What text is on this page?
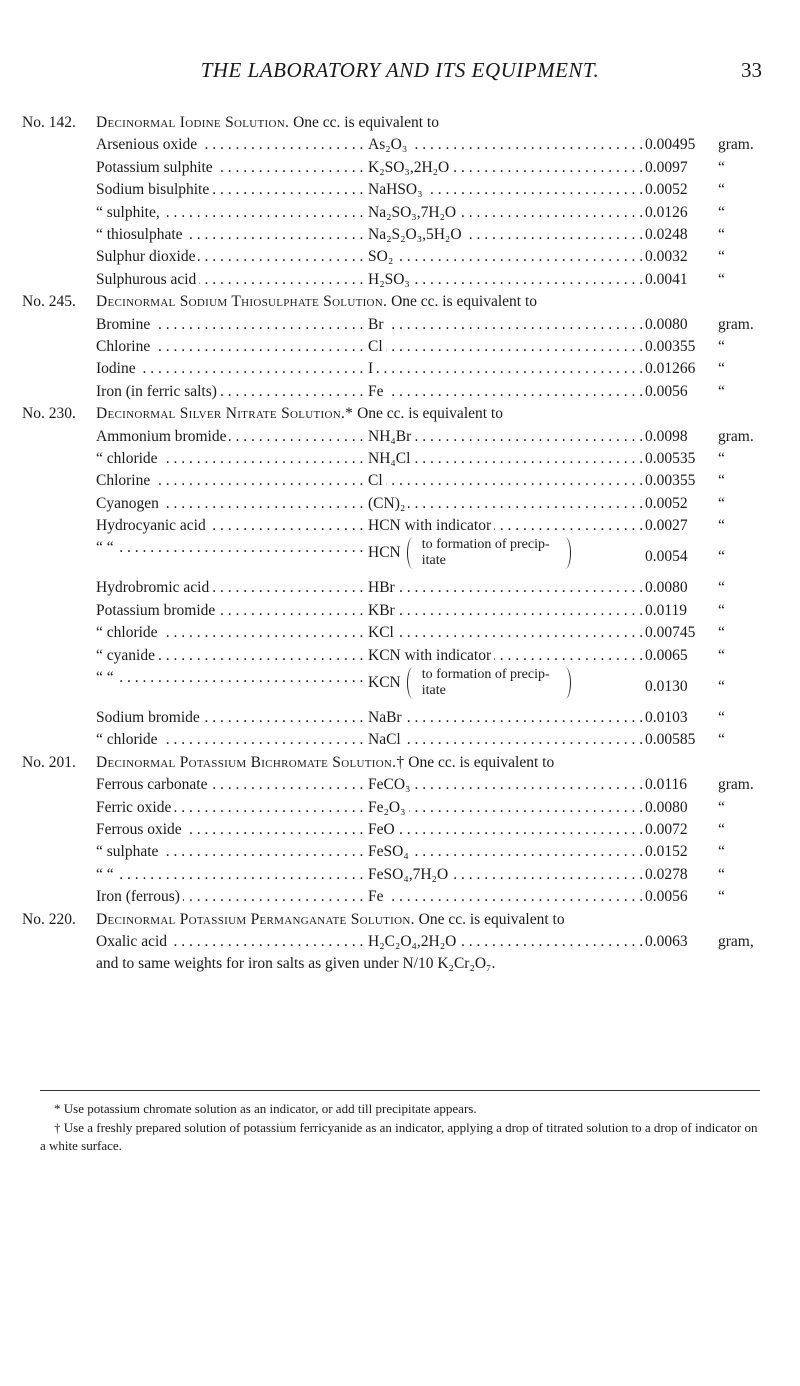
THE LABORATORY AND ITS EQUIPMENT.	33
No. 142. Decinormal Iodine Solution. One cc. is equivalent to
Arsenious oxide . . .	As₂O₃ . . .	0.00495 gram.
Potassium sulphite . . .	K₂SO₃,2H₂O . . .	0.0097 “
Sodium bisulphite . . .	NaHSO₃ . . .	0.0052 “
“ sulphite, . . .	Na₂SO₃,7H₂O . . .	0.0126 “
“ thiosulphate . . .	Na₂S₂O₃,5H₂O . . .	0.0248 “
Sulphur dioxide . . .	SO₂ . . .	0.0032 “
Sulphurous acid . . .	H₂SO₃ . . .	0.0041 “
No. 245. Decinormal Sodium Thiosulphate Solution. One cc. is equivalent to
Bromine . . .	Br . . .	0.0080 gram.
Chlorine . . .	Cl . . .	0.00355 “
Iodine . . .	I . . .	0.01266 “
Iron (in ferric salts) . . .	Fe . . .	0.0056 “
No. 230. Decinormal Silver Nitrate Solution.* One cc. is equivalent to
Ammonium bromide . . .	NH₄Br . . .	0.0098 gram.
“ chloride . . .	NH₄Cl . . .	0.00535 “
Chlorine . . .	Cl . . .	0.00355 “
Cyanogen . . .	(CN)₂ . . .	0.0052 “
Hydrocyanic acid . . .	HCN with indicator . . .	0.0027 “
“ “ . . .	HCN to formation of precip-
itate	0.0054 “
Hydrobromic acid . . .	HBr . . .	0.0080 “
Potassium bromide . . .	KBr . . .	0.0119 “
“ chloride . . .	KCl . . .	0.00745 “
“ cyanide . . .	KCN with indicator . . .	0.0065 “
“ “ . . .	KCN to formation of precip-
itate	0.0130 “
Sodium bromide . . .	NaBr . . .	0.0103 “
“ chloride . . .	NaCl . . .	0.00585 “
No. 201. Decinormal Potassium Bichromate Solution.† One cc. is equivalent to
Ferrous carbonate . . .	FeCO₃ . . .	0.0116 gram.
Ferric oxide . . .	Fe₂O₃ . . .	0.0080 “
Ferrous oxide . . .	FeO . . .	0.0072 “
“ sulphate . . .	FeSO₄ . . .	0.0152 “
“ “ . . .	FeSO₄,7H₂O . . .	0.0278 “
Iron (ferrous) . . .	Fe . . .	0.0056 “
No. 220. Decinormal Potassium Permanganate Solution. One cc. is equivalent to
Oxalic acid . . .	H₂C₂O₄,2H₂O . . .	0.0063 gram,
and to same weights for iron salts as given under N/10 K₂Cr₂O₇.

* Use potassium chromate solution as an indicator, or add till precipitate appears.

† Use a freshly prepared solution of potassium ferricyanide as an indicator, applying a drop of titrated solution to a drop of indicator on a white surface.
